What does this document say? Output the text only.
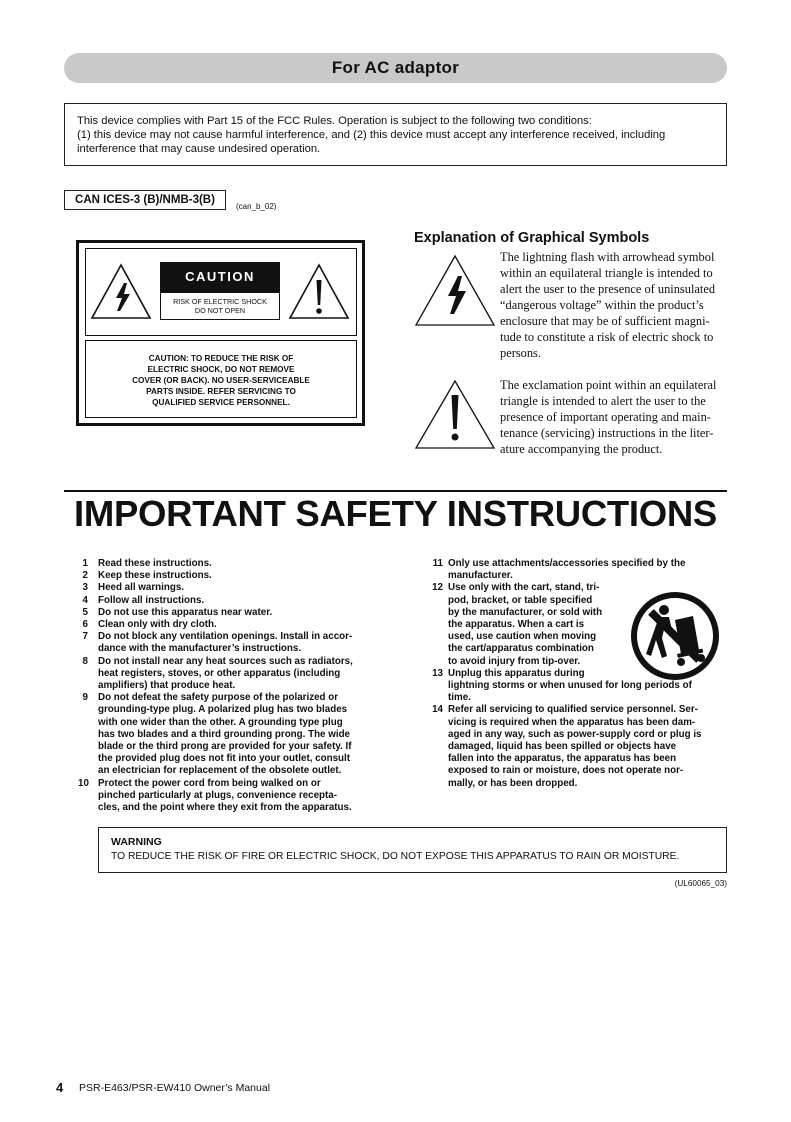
For AC adaptor

This device complies with Part 15 of the FCC Rules. Operation is subject to the following two conditions:

(1) this device may not cause harmful interference, and (2) this device must accept any interference received, including

interference that may cause undesired operation.

CAN ICES-3 (B)/NMB-3(B)
(can_b_02)
CAUTION
RISK OF ELECTRIC SHOCK
DO NOT OPEN
CAUTION: TO REDUCE THE RISK OF
ELECTRIC SHOCK, DO NOT REMOVE
COVER (OR BACK). NO USER-SERVICEABLE
PARTS INSIDE. REFER SERVICING TO
QUALIFIED SERVICE PERSONNEL.
Explanation of Graphical Symbols
The lightning flash with arrowhead symbol
within an equilateral triangle is intended to
alert the user to the presence of uninsulated
“dangerous voltage” within the product’s
enclosure that may be of sufficient magni-
tude to constitute a risk of electric shock to
persons.
The exclamation point within an equilateral
triangle is intended to alert the user to the
presence of important operating and main-
tenance (servicing) instructions in the liter-
ature accompanying the product.
IMPORTANT SAFETY INSTRUCTIONS
1 Read these instructions.
2 Keep these instructions.
3 Heed all warnings.
4 Follow all instructions.
5 Do not use this apparatus near water.
6 Clean only with dry cloth.
7 Do not block any ventilation openings. Install in accor-
dance with the manufacturer’s instructions.
8 Do not install near any heat sources such as radiators,
heat registers, stoves, or other apparatus (including
amplifiers) that produce heat.
9 Do not defeat the safety purpose of the polarized or
grounding-type plug. A polarized plug has two blades
with one wider than the other. A grounding type plug
has two blades and a third grounding prong. The wide
blade or the third prong are provided for your safety. If
the provided plug does not fit into your outlet, consult
an electrician for replacement of the obsolete outlet.
10 Protect the power cord from being walked on or
pinched particularly at plugs, convenience recepta-
cles, and the point where they exit from the apparatus.
11 Only use attachments/accessories specified by the
manufacturer.
12 Use only with the cart, stand, tri-
pod, bracket, or table specified
by the manufacturer, or sold with
the apparatus. When a cart is
used, use caution when moving
the cart/apparatus combination
to avoid injury from tip-over.
13 Unplug this apparatus during
lightning storms or when unused for long periods of
time.
14 Refer all servicing to qualified service personnel. Ser-
vicing is required when the apparatus has been dam-
aged in any way, such as power-supply cord or plug is
damaged, liquid has been spilled or objects have
fallen into the apparatus, the apparatus has been
exposed to rain or moisture, does not operate nor-
mally, or has been dropped.
WARNING
TO REDUCE THE RISK OF FIRE OR ELECTRIC SHOCK, DO NOT EXPOSE THIS APPARATUS TO RAIN OR MOISTURE.
(UL60065_03)
4 PSR-E463/PSR-EW410 Owner’s Manual
